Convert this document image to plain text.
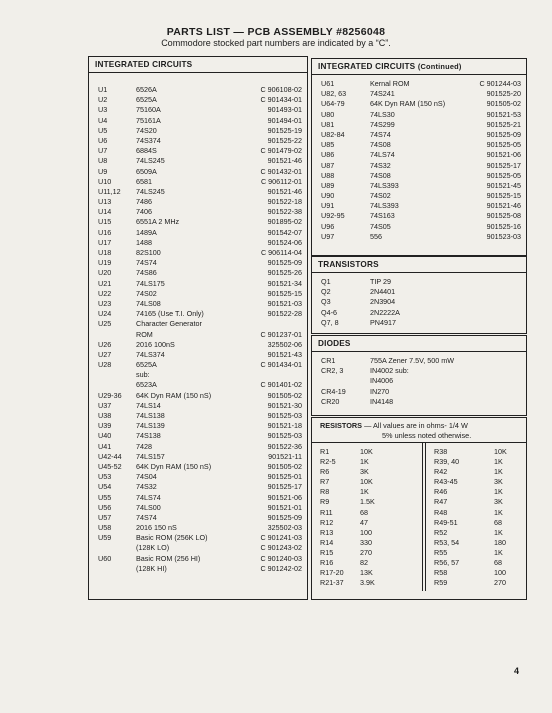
PARTS LIST — PCB ASSEMBLY #8256048
Commodore stocked part numbers are indicated by a “C”.
INTEGRATED CIRCUITS
U1	6526A	C 906108-02
U2	6525A	C 901434-01
U3	75160A	901493-01
U4	75161A	901494-01
U5	74S20	901525-19
U6	74S374	901525-22
U7	6884S	C 901479-02
U8	74LS245	901521-46
U9	6509A	C 901432-01
U10	6581	C 906112-01
U11,12 74LS245	901521-46
U13	7486	901522-18
U14	7406	901522-38
U15	6551A 2 MHz	901895-02
U16	1489A	901542-07
U17	1488	901524-06
U18	82S100	C 906114-04
U19	74S74	901525-09
U20	74S86	901525-26
U21	74LS175	901521-34
U22	74S02	901525-15
U23	74LS08	901521-03
U24	74165 (Use T.I. Only)	901522-28
U25	Character Generator
ROM	C 901237-01
U26	2016 100nS	325502-06
U27	74LS374	901521-43
U28	6525A	C 901434-01
sub:
6523A	C 901401-02
U29-36 64K Dyn RAM (150 nS)	901505-02
U37	74LS14	901521-30
U38	74LS138	901525-03
U39	74LS139	901521-18
U40	74S138	901525-03
U41	7428	901522-36
U42-44 74LS157	901521-11
U45-52 64K Dyn RAM (150 nS)	901505-02
U53	74S04	901525-01
U54	74S32	901525-17
U55	74LS74	901521-06
U56	74LS00	901521-01
U57	74S74	901525-09
U58	2016 150 nS	325502-03
U59	Basic ROM (256K LO)	C 901241-03
(128K LO)	C 901243-02
U60	Basic ROM (256 HI)	C 901240-03
(128K HI)	C 901242-02
INTEGRATED CIRCUITS (Continued)
U61	Kernal ROM	C 901244-03
U82, 63	74S241	901525-20
U64-79	64K Dyn RAM (150 nS)	901505-02
U80	74LS30	901521-53
U81	74S299	901525-21
U82-84	74S74	901525-09
U85	74S08	901525-05
U86	74LS74	901521-06
U87	74S32	901525-17
U88	74S08	901525-05
U89	74LS393	901521-45
U90	74S02	901525-15
U91	74LS393	901521-46
U92-95	74S163	901525-08
U96	74S05	901525-16
U97	556	901523-03
TRANSISTORS
Q1	TIP 29
Q2	2N4401
Q3	2N3904
Q4-6	2N2222A
Q7, 8	PN4917
DIODES
CR1	755A Zener 7.5V, 500 mW
CR2, 3	IN4002 sub:
IN4006
CR4-19	IN270
CR20	IN4148
RESISTORS — All values are in ohms- 1/4 W
5% unless noted otherwise.
R1	10K
R2-5	1K
R6	3K
R7	10K
R8	1K
R9	1.5K
R11	68
R12	47
R13	100
R14	330
R15	270
R16	82
R17-20 13K
R21-37 3.9K
R38	10K
R39, 40	1K
R42	1K
R43-45	3K
R46	1K
R47	3K
R48	1K
R49-51	68
R52	1K
R53, 54	180
R55	1K
R56, 57	68
R58	100
R59	270
4
